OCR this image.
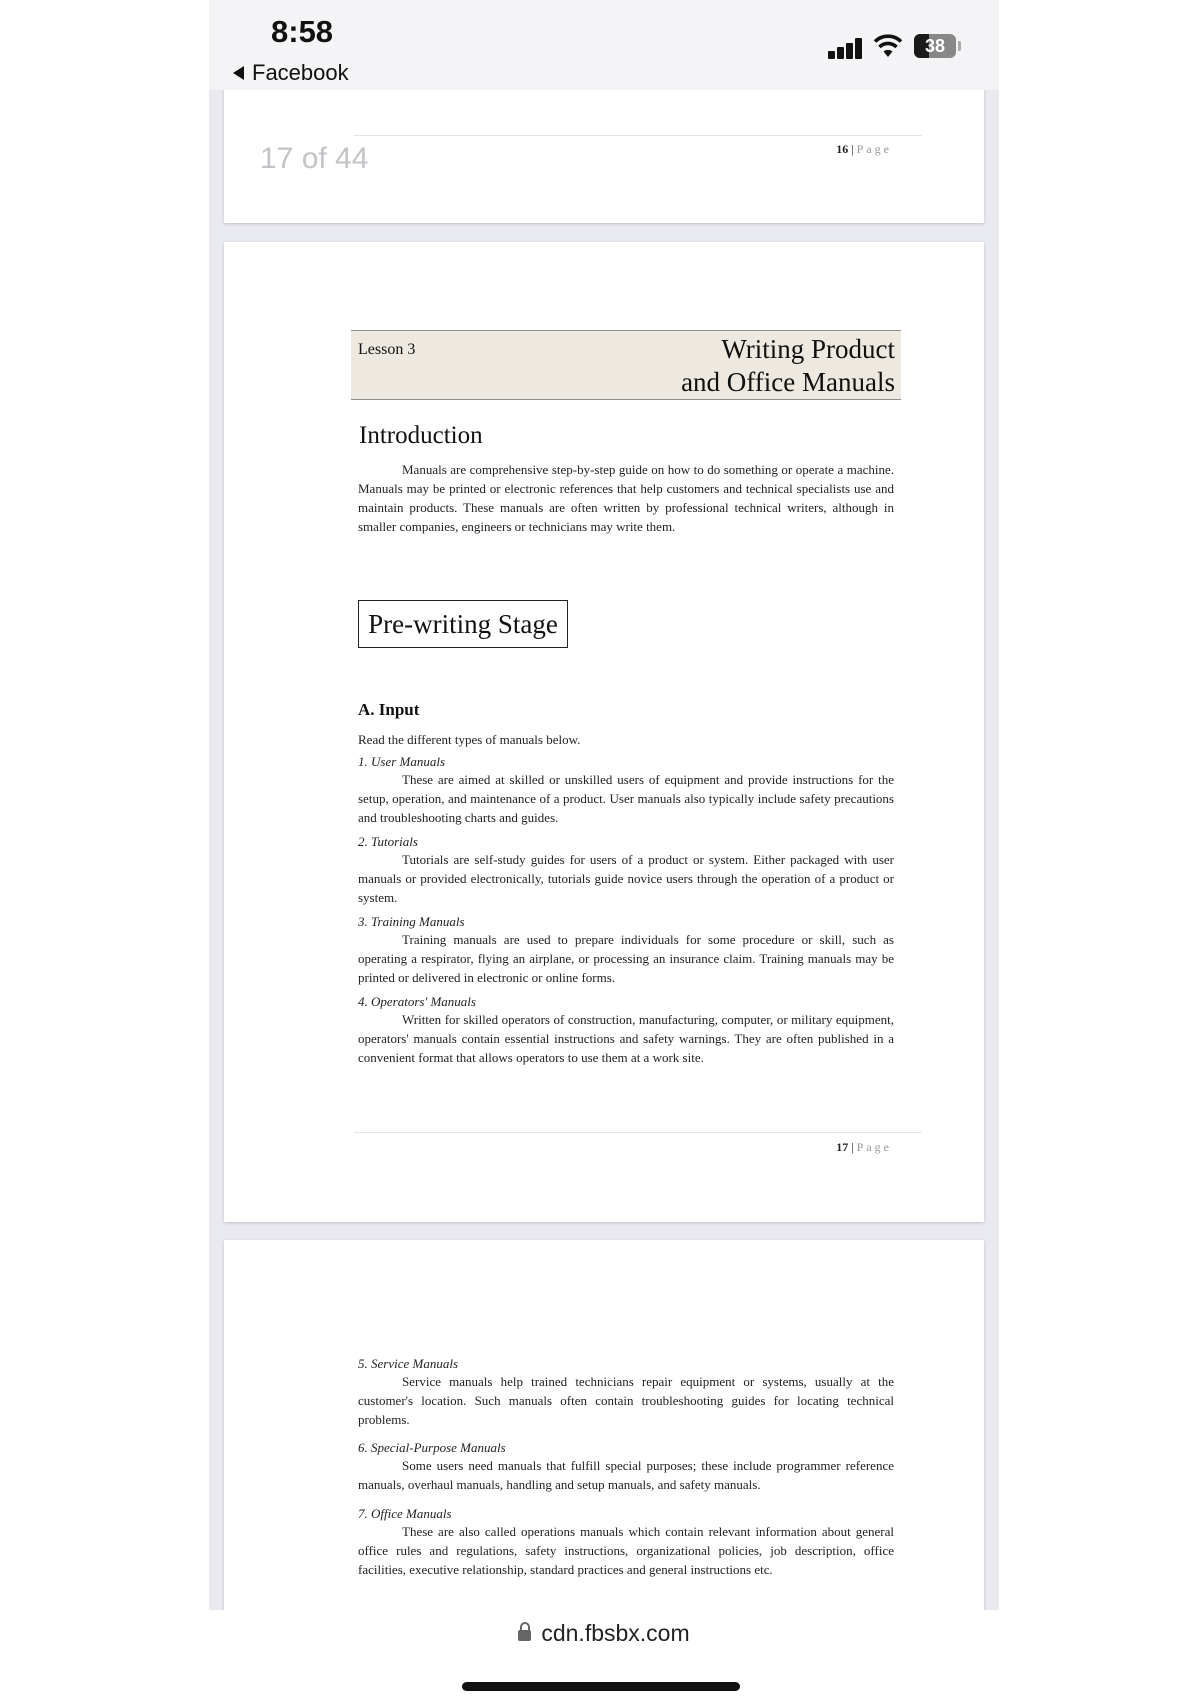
8:58
Facebook
38
17 of 44	16 | Page
Lesson 3	Writing Product
and Office Manuals
Introduction
Manuals are comprehensive step-by-step guide on how to do something or operate a machine. Manuals may be printed or electronic references that help customers and technical specialists use and maintain products. These manuals are often written by professional technical writers, although in smaller companies, engineers or technicians may write them.
Pre-writing Stage
A. Input
Read the different types of manuals below.
1. User Manuals
These are aimed at skilled or unskilled users of equipment and provide instructions for the setup, operation, and maintenance of a product. User manuals also typically include safety precautions and troubleshooting charts and guides.
2. Tutorials
Tutorials are self-study guides for users of a product or system. Either packaged with user manuals or provided electronically, tutorials guide novice users through the operation of a product or system.
3. Training Manuals
Training manuals are used to prepare individuals for some procedure or skill, such as operating a respirator, flying an airplane, or processing an insurance claim. Training manuals may be printed or delivered in electronic or online forms.
4. Operators' Manuals
Written for skilled operators of construction, manufacturing, computer, or military equipment, operators' manuals contain essential instructions and safety warnings. They are often published in a convenient format that allows operators to use them at a work site.
17 | Page
5. Service Manuals
Service manuals help trained technicians repair equipment or systems, usually at the customer's location. Such manuals often contain troubleshooting guides for locating technical problems.
6. Special-Purpose Manuals
Some users need manuals that fulfill special purposes; these include programmer reference manuals, overhaul manuals, handling and setup manuals, and safety manuals.
7. Office Manuals
These are also called operations manuals which contain relevant information about general office rules and regulations, safety instructions, organizational policies, job description, office facilities, executive relationship, standard practices and general instructions etc.
cdn.fbsbx.com
